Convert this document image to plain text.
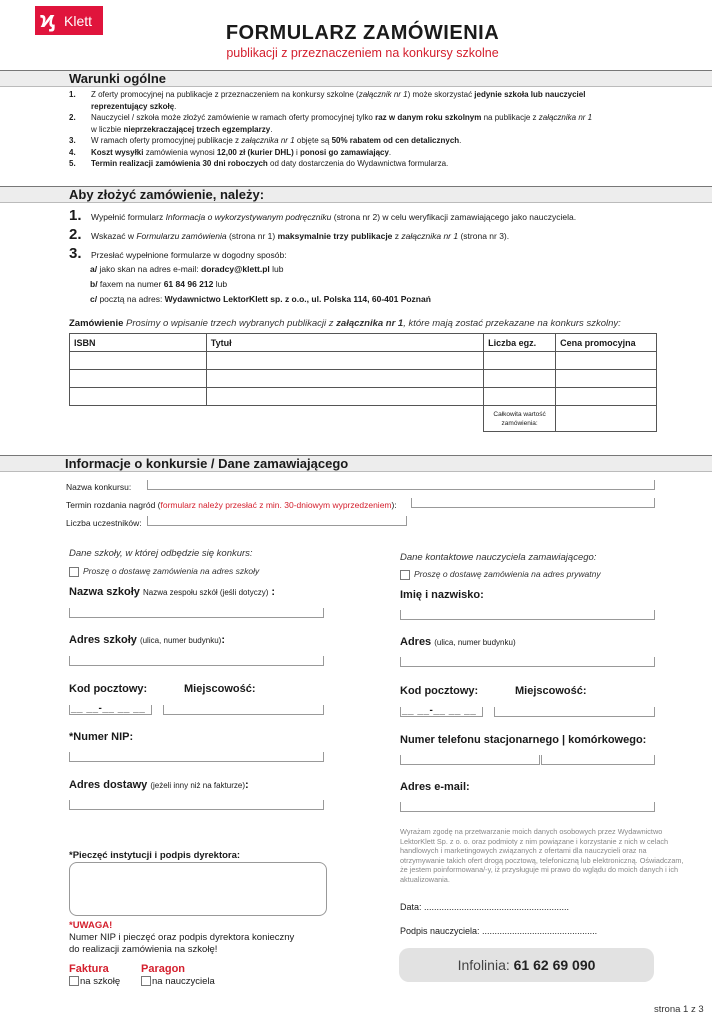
ϗ Klett
FORMULARZ ZAMÓWIENIA
publikacji z przeznaczeniem na konkursy szkolne
Warunki ogólne
1.	Z oferty promocyjnej na publikacje z przeznaczeniem na konkursy szkolne (załącznik nr 1) może skorzystać jedynie szkoła lub nauczyciel
reprezentujący szkołę.
2.	Nauczyciel / szkoła może złożyć zamówienie w ramach oferty promocyjnej tylko raz w danym roku szkolnym na publikacje z załącznika nr 1
w liczbie nieprzekraczającej trzech egzemplarzy.
3.	W ramach oferty promocyjnej publikacje z załącznika nr 1 objęte są 50% rabatem od cen detalicznych.
4.	Koszt wysyłki zamówienia wynosi 12,00 zł (kurier DHL) i ponosi go zamawiający.
5.	Termin realizacji zamówienia 30 dni roboczych od daty dostarczenia do Wydawnictwa formularza.
Aby złożyć zamówienie, należy:
1.	Wypełnić formularz Informacja o wykorzystywanym podręczniku (strona nr 2) w celu weryfikacji zamawiającego jako nauczyciela.
2.	Wskazać w Formularzu zamówienia (strona nr 1) maksymalnie trzy publikacje z załącznika nr 1 (strona nr 3).
3.	Przesłać wypełnione formularze w dogodny sposób:
a/ jako skan na adres e-mail: doradcy@klett.pl lub
b/ faxem na numer 61 84 96 212 lub
c/ pocztą na adres: Wydawnictwo LektorKlett sp. z o.o., ul. Polska 114, 60-401 Poznań
Zamówienie Prosimy o wpisanie trzech wybranych publikacji z załącznika nr 1, które mają zostać przekazane na konkurs szkolny:
ISBN	Tytuł	Liczba egz.	Cena promocyjna

		Całkowita wartość zamówienia:	
Informacje o konkursie / Dane zamawiającego
Nazwa konkursu:
Termin rozdania nagród (formularz należy przesłać z min. 30-dniowym wyprzedzeniem):
Liczba uczestników:
Dane szkoły, w której odbędzie się konkurs:
Proszę o dostawę zamówienia na adres szkoły
Nazwa szkoły Nazwa zespołu szkół (jeśli dotyczy) :
Adres szkoły (ulica, numer budynku):
Kod pocztowy:	Miejscowość:
__ __-__ __ __
*Numer NIP:
Adres dostawy (jeżeli inny niż na fakturze):
*Pieczęć instytucji i podpis dyrektora:
*UWAGA!
Numer NIP i pieczęć oraz podpis dyrektora konieczny
do realizacji zamówienia na szkołę!
Faktura	Paragon
na szkołę	na nauczyciela
Dane kontaktowe nauczyciela zamawiającego:
Proszę o dostawę zamówienia na adres prywatny
Imię i nazwisko:
Adres (ulica, numer budynku)
Kod pocztowy:	Miejscowość:
__ __-__ __ __
Numer telefonu stacjonarnego | komórkowego:
Adres e-mail:
Wyrażam zgodę na przetwarzanie moich danych osobowych przez Wydawnictwo LektorKlett Sp. z o. o. oraz podmioty z nim powiązane i korzystanie z nich w celach handlowych i marketingowych związanych z ofertami dla nauczycieli oraz na otrzymywanie takich ofert drogą pocztową, telefoniczną lub elektroniczną. Oświadczam, że jestem poinformowana/-y, iż przysługuje mi prawo do wglądu do moich danych i ich aktualizowania.
Data: ..........................................................
Podpis nauczyciela: ..............................................
Infolinia: 61 62 69 090
strona 1 z 3
